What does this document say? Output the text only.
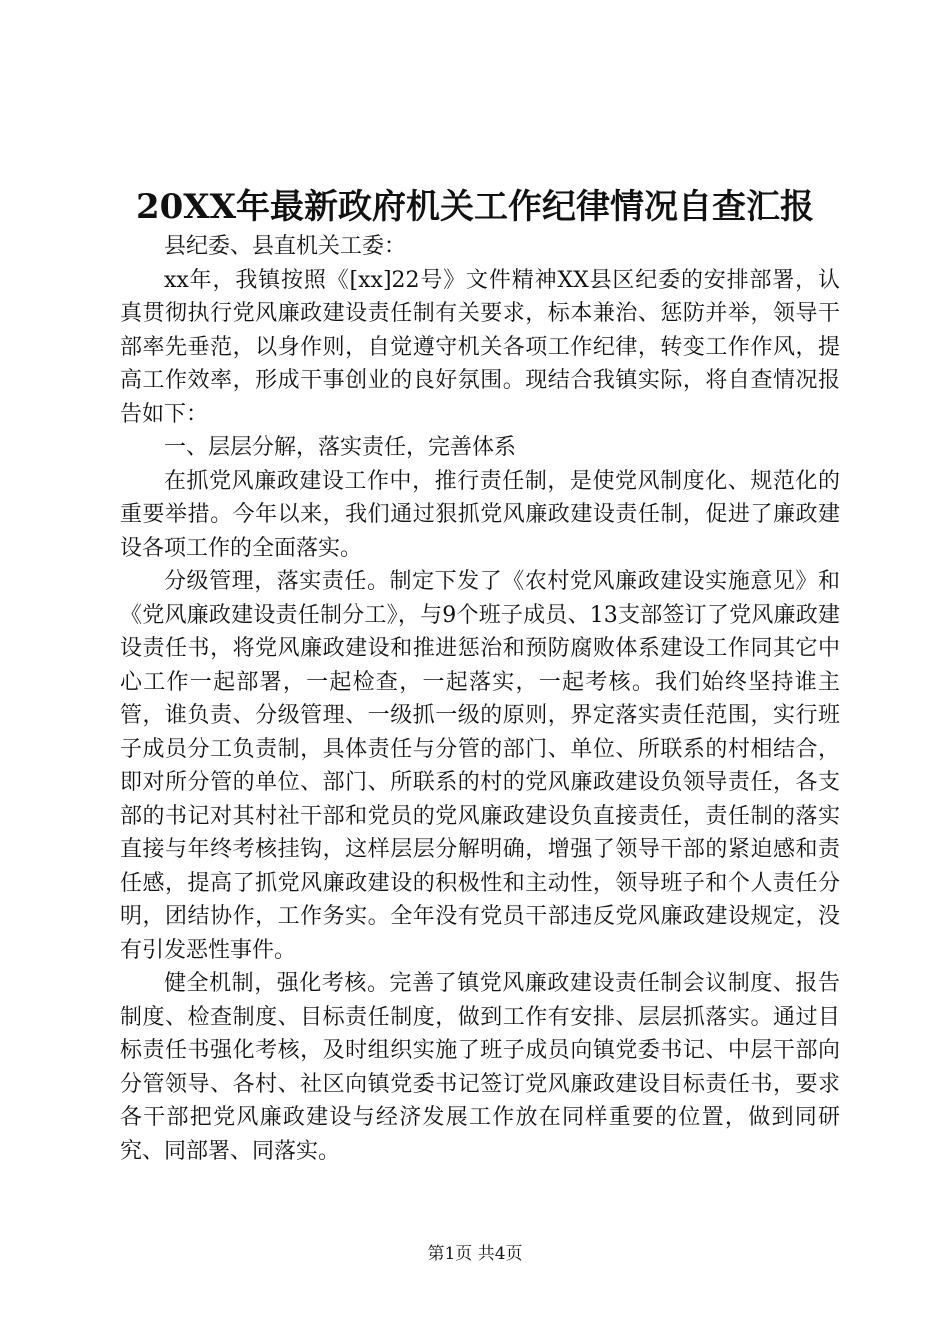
20XX年最新政府机关工作纪律情况自查汇报

县纪委、县直机关工委：

xx年，我镇按照《[xx]22号》文件精神XX县区纪委的安排部署，认真贯彻执行党风廉政建设责任制有关要求，标本兼治、惩防并举，领导干部率先垂范，以身作则，自觉遵守机关各项工作纪律，转变工作作风，提高工作效率，形成干事创业的良好氛围。现结合我镇实际，将自查情况报告如下：

一、层层分解，落实责任，完善体系

在抓党风廉政建设工作中，推行责任制，是使党风制度化、规范化的重要举措。今年以来，我们通过狠抓党风廉政建设责任制，促进了廉政建设各项工作的全面落实。

分级管理，落实责任。制定下发了《农村党风廉政建设实施意见》和《党风廉政建设责任制分工》，与9个班子成员、13支部签订了党风廉政建设责任书，将党风廉政建设和推进惩治和预防腐败体系建设工作同其它中心工作一起部署，一起检查，一起落实，一起考核。我们始终坚持谁主管，谁负责、分级管理、一级抓一级的原则，界定落实责任范围，实行班子成员分工负责制，具体责任与分管的部门、单位、所联系的村相结合，即对所分管的单位、部门、所联系的村的党风廉政建设负领导责任，各支部的书记对其村社干部和党员的党风廉政建设负直接责任，责任制的落实直接与年终考核挂钩，这样层层分解明确，增强了领导干部的紧迫感和责任感，提高了抓党风廉政建设的积极性和主动性，领导班子和个人责任分明，团结协作，工作务实。全年没有党员干部违反党风廉政建设规定，没有引发恶性事件。

健全机制，强化考核。完善了镇党风廉政建设责任制会议制度、报告制度、检查制度、目标责任制度，做到工作有安排、层层抓落实。通过目标责任书强化考核，及时组织实施了班子成员向镇党委书记、中层干部向分管领导、各村、社区向镇党委书记签订党风廉政建设目标责任书，要求各干部把党风廉政建设与经济发展工作放在同样重要的位置，做到同研究、同部署、同落实。

第1页 共4页
